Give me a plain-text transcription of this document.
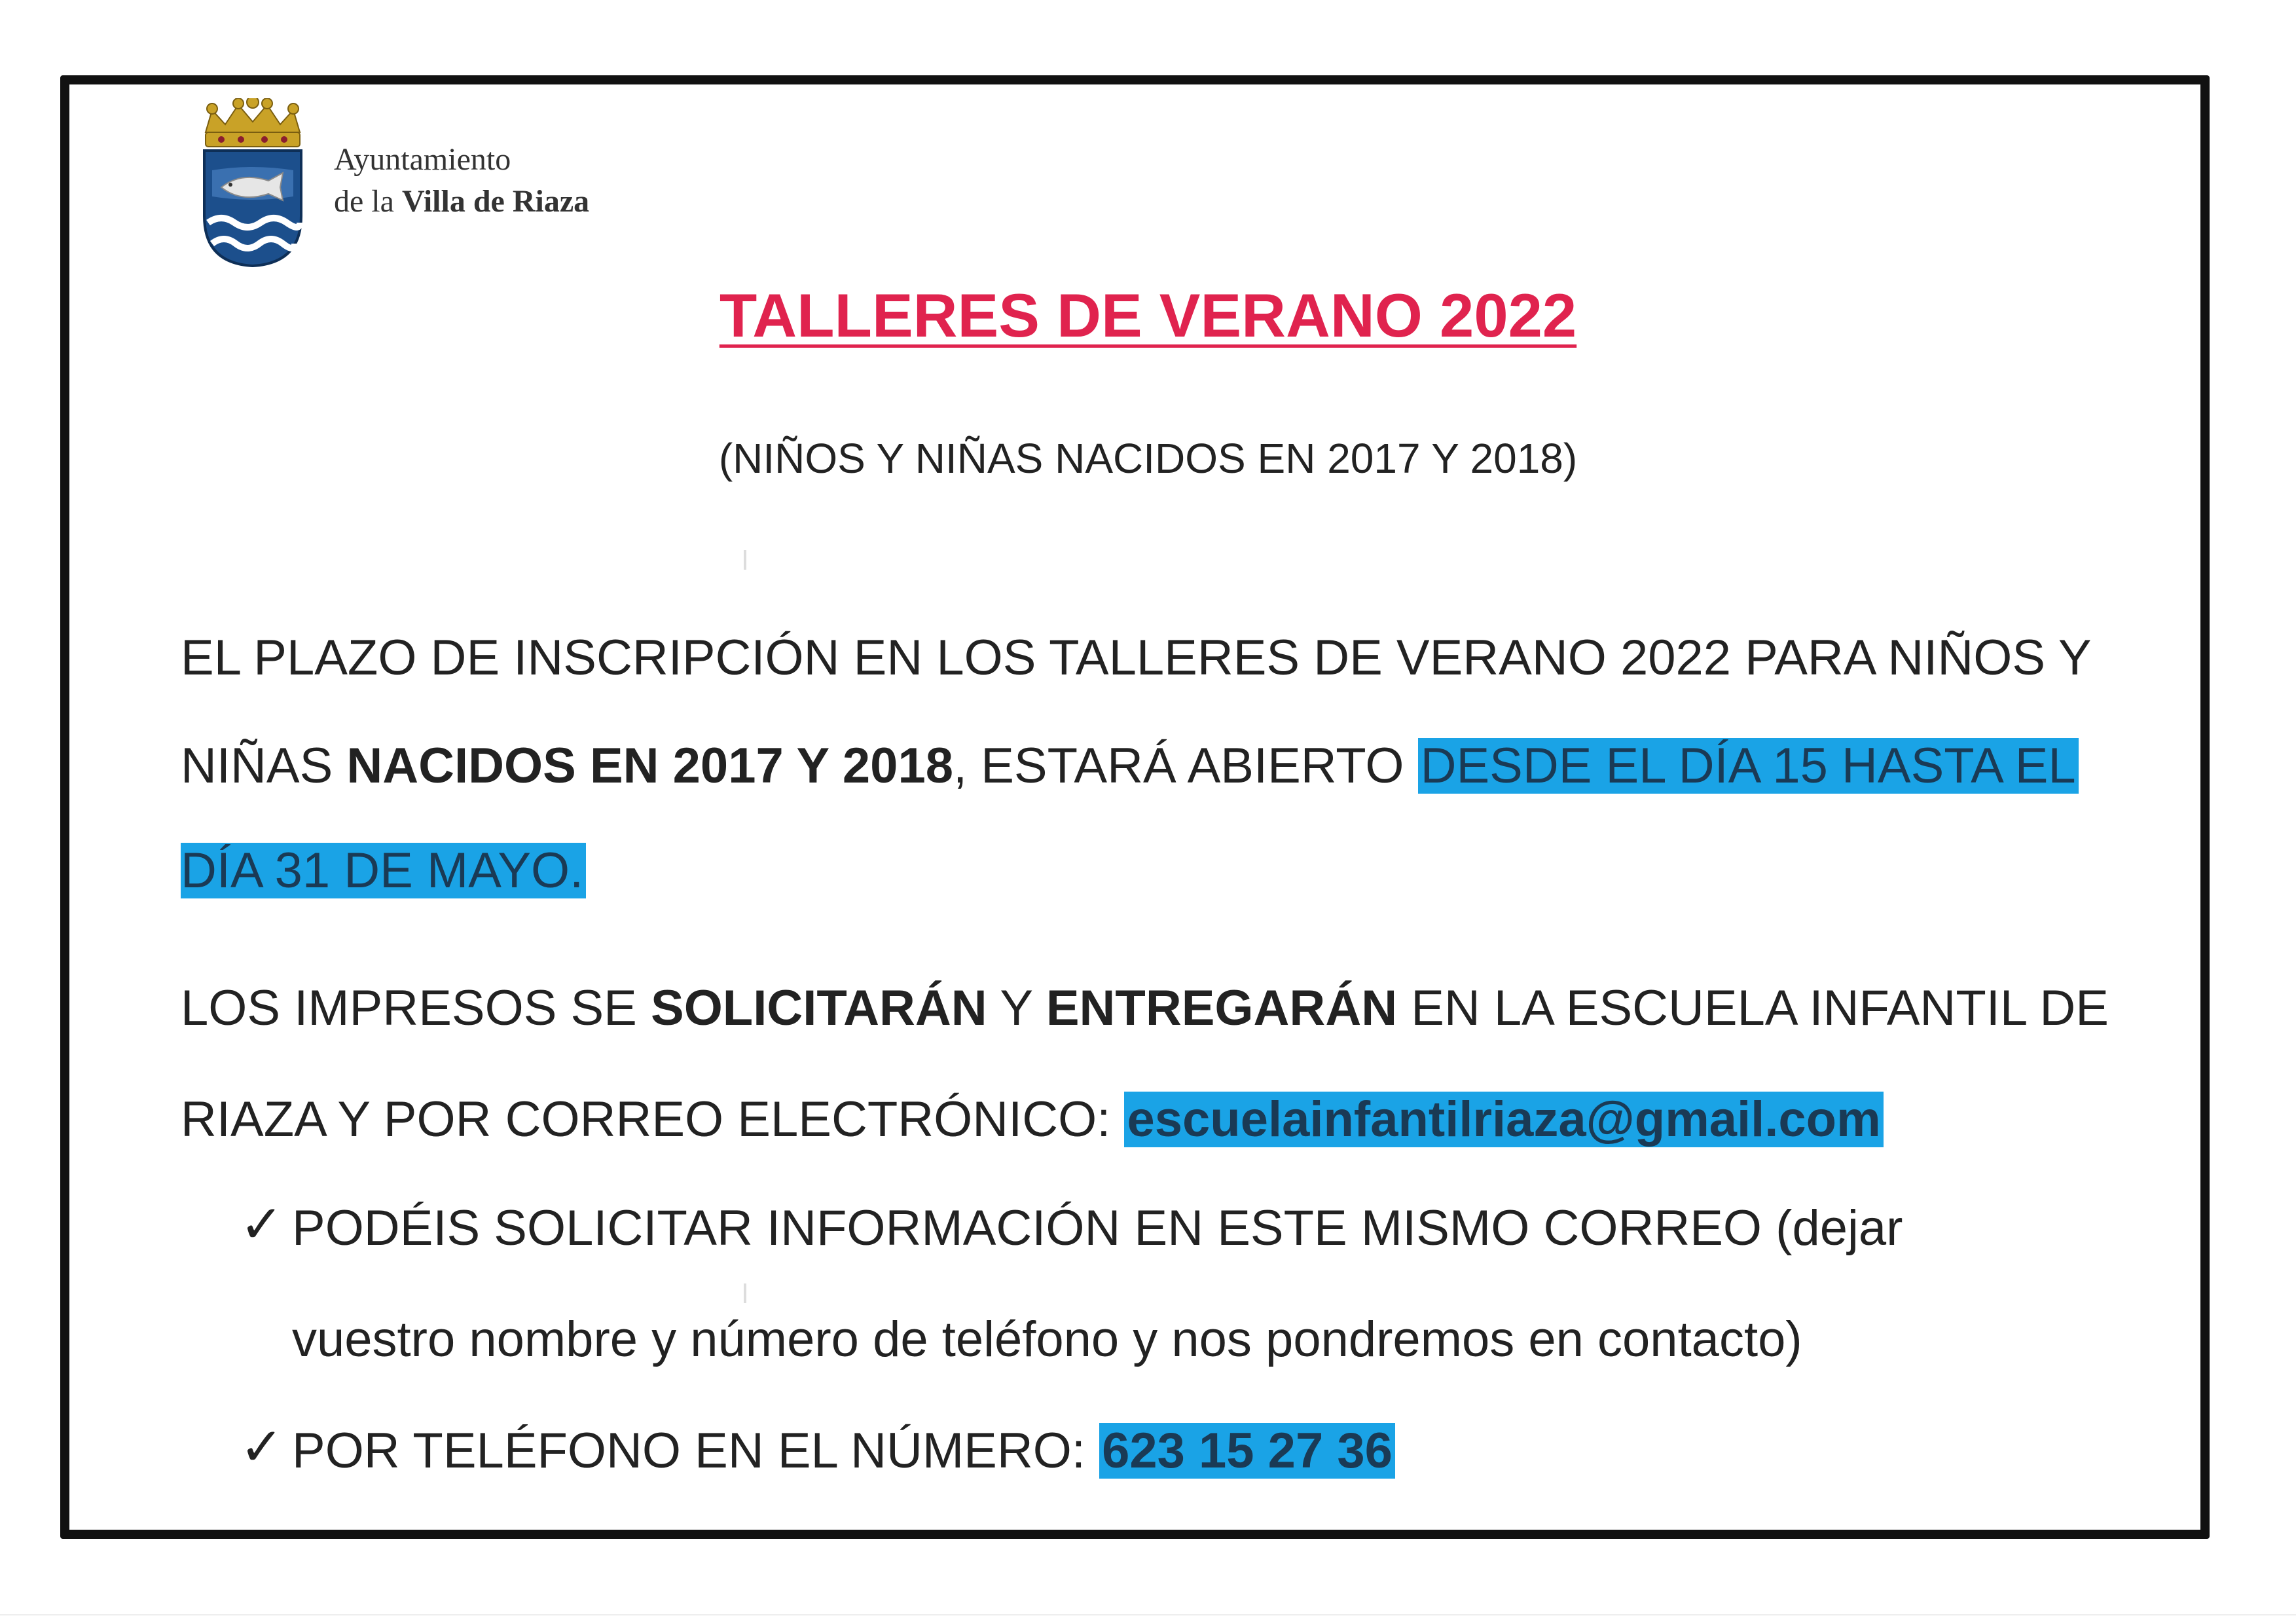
Ayuntamiento
de la Villa de Riaza
TALLERES DE VERANO 2022
(NIÑOS Y NIÑAS NACIDOS EN 2017 Y 2018)
EL PLAZO DE INSCRIPCIÓN EN LOS TALLERES DE VERANO 2022 PARA NIÑOS Y
NIÑAS NACIDOS EN 2017 Y 2018, ESTARÁ ABIERTO DESDE EL DÍA 15 HASTA EL
DÍA 31 DE MAYO.
LOS IMPRESOS SE SOLICITARÁN Y ENTREGARÁN EN LA ESCUELA INFANTIL DE
RIAZA Y POR CORREO ELECTRÓNICO: escuelainfantilriaza@gmail.com
✓ PODÉIS SOLICITAR INFORMACIÓN EN ESTE MISMO CORREO (dejar
vuestro nombre y número de teléfono y nos pondremos en contacto)
✓ POR TELÉFONO EN EL NÚMERO: 623 15 27 36
